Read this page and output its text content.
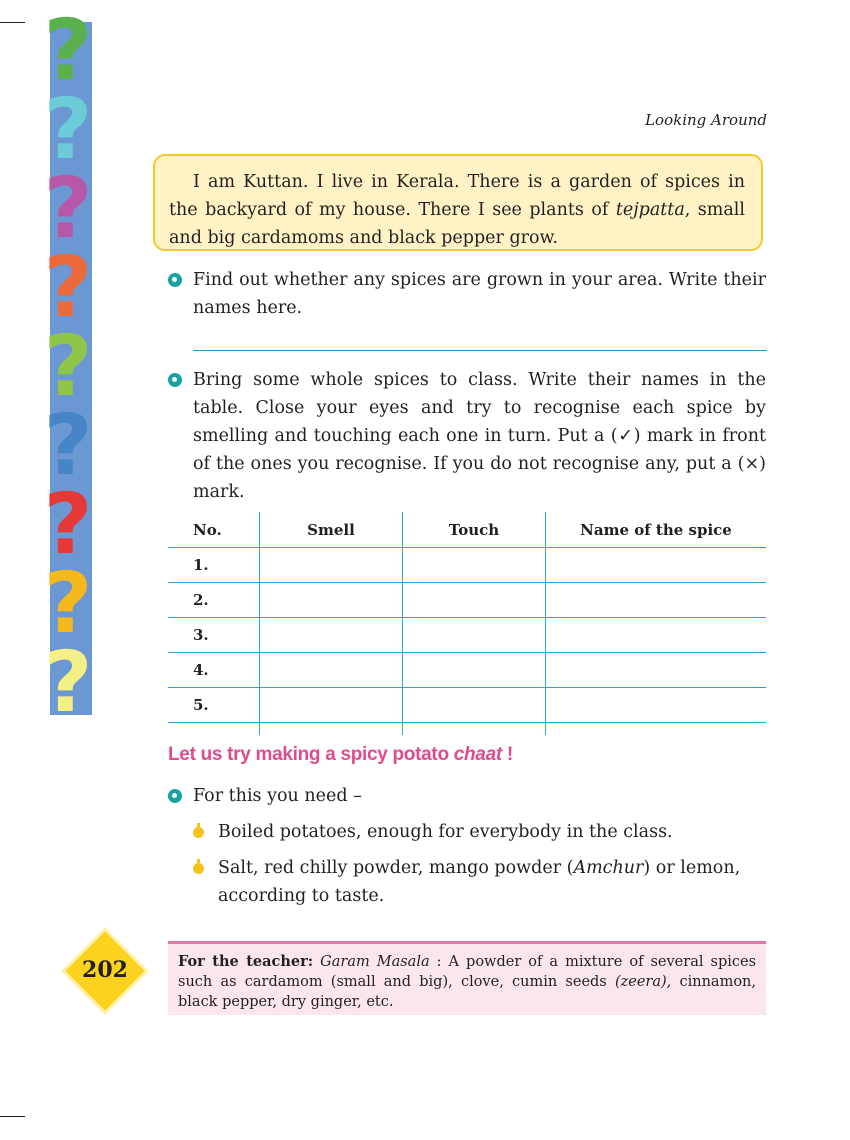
?
?
?
?
?
?
?
?
?
Looking Around

I am Kuttan. I live in Kerala. There is a garden of spices in the backyard of my house. There I see plants of tejpatta, small and big cardamoms and black pepper grow.

Find out whether any spices are grown in your area. Write their names here.

Bring some whole spices to class. Write their names in the table. Close your eyes and try to recognise each spice by smelling and touching each one in turn. Put a (✓) mark in front of the ones you recognise. If you do not recognise any, put a (×) mark.

No.	Smell	Touch	Name of the spice
1.			
2.			
3.			
4.			
5.			

Let us try making a spicy potato chaat !

For this you need –

Boiled potatoes, enough for everybody in the class.

Salt, red chilly powder, mango powder (Amchur) or lemon, according to taste.

202	For the teacher: Garam Masala : A powder of a mixture of several spices such as cardamom (small and big), clove, cumin seeds (zeera), cinnamon, black pepper, dry ginger, etc.
